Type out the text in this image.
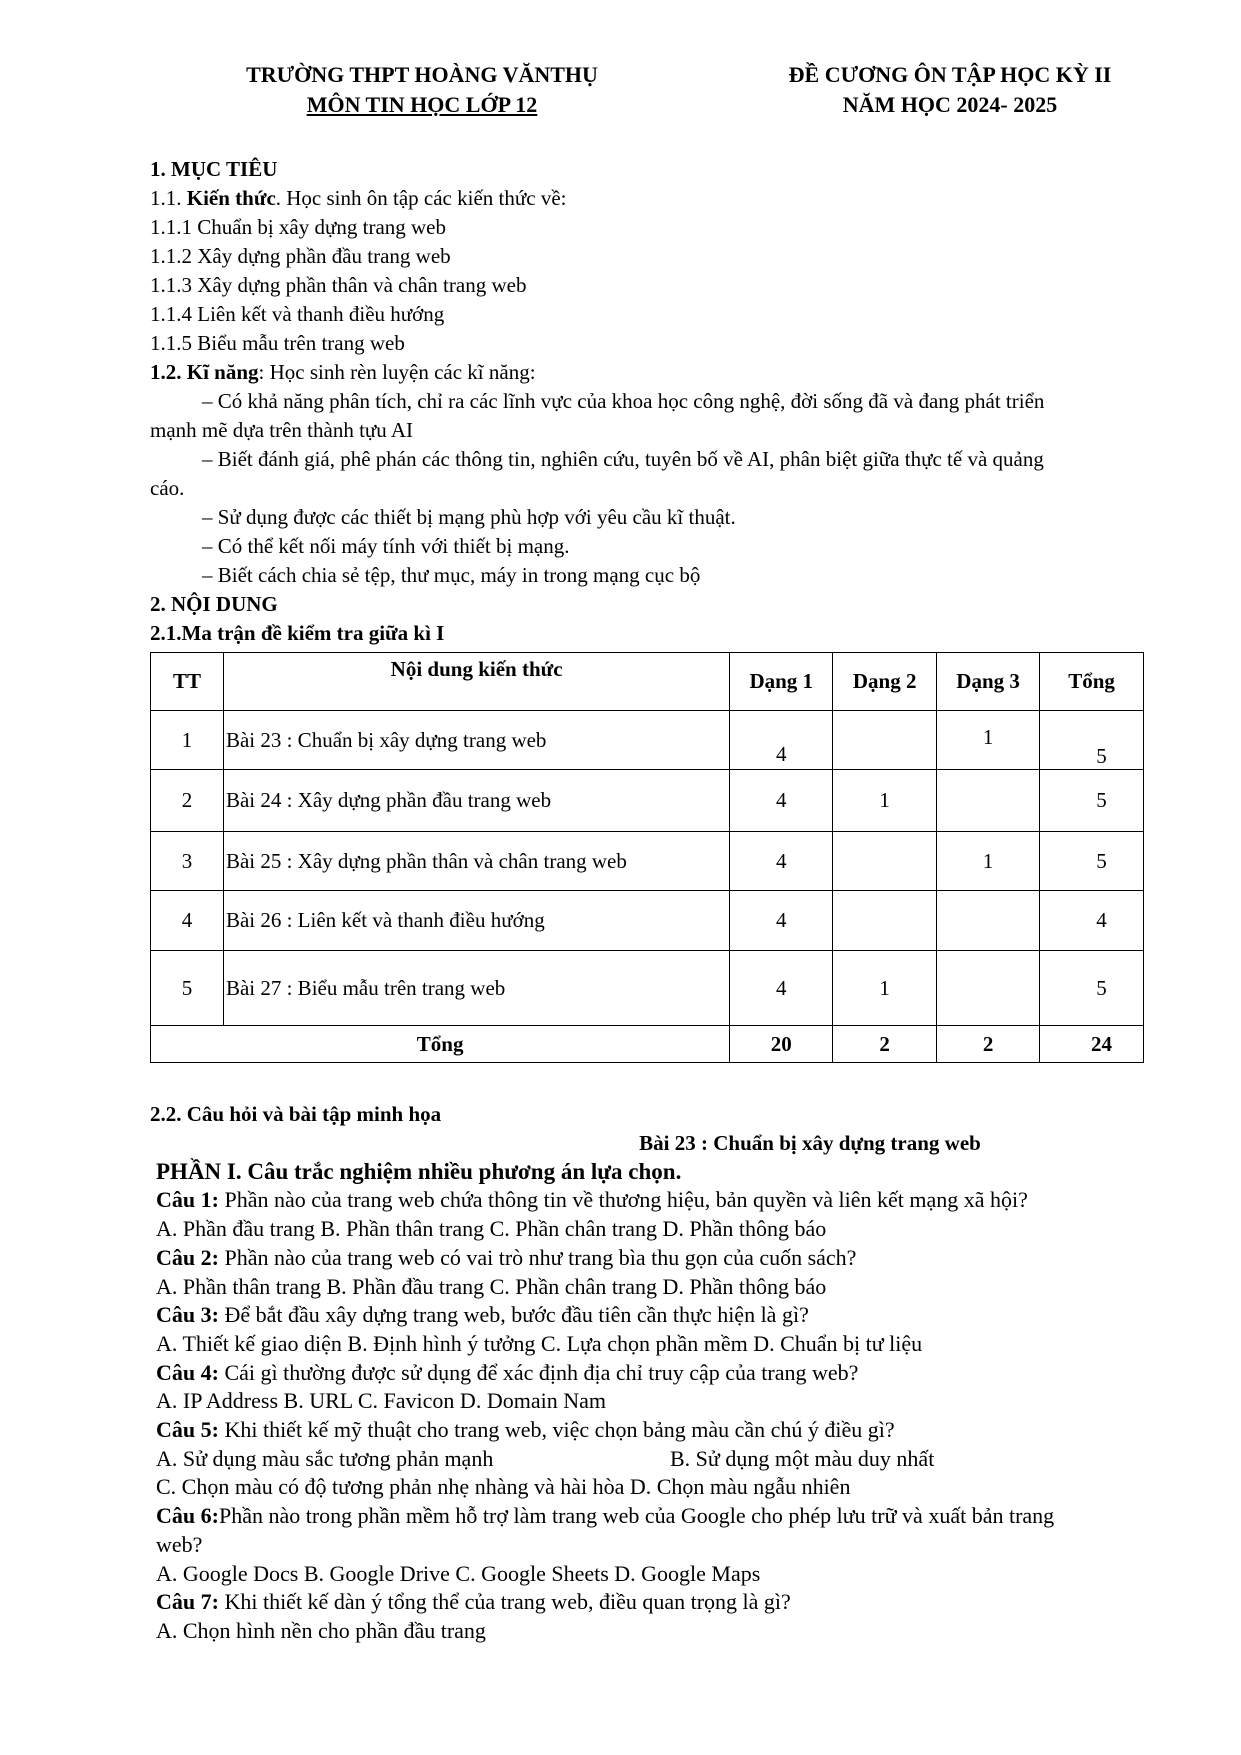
TRƯỜNG THPT HOÀNG VĂNTHỤ
MÔN TIN HỌC LỚP 12
ĐỀ CƯƠNG ÔN TẬP HỌC KỲ II
NĂM HỌC 2024- 2025
1. MỤC TIÊU
1.1. Kiến thức. Học sinh ôn tập các kiến thức về:
1.1.1 Chuẩn bị xây dựng trang web
1.1.2 Xây dựng phần đầu trang web
1.1.3 Xây dựng phần thân và chân trang web
1.1.4 Liên kết và thanh điều hướng
1.1.5 Biểu mẫu trên trang web
1.2. Kĩ năng: Học sinh rèn luyện các kĩ năng:
‒ Có khả năng phân tích, chỉ ra các lĩnh vực của khoa học công nghệ, đời sống đã và đang phát triển
mạnh mẽ dựa trên thành tựu AI
‒ Biết đánh giá, phê phán các thông tin, nghiên cứu, tuyên bố về AI, phân biệt giữa thực tế và quảng
cáo.
‒ Sử dụng được các thiết bị mạng phù hợp với yêu cầu kĩ thuật.
‒ Có thể kết nối máy tính với thiết bị mạng.
‒ Biết cách chia sẻ tệp, thư mục, máy in trong mạng cục bộ
2. NỘI DUNG
2.1.Ma trận đề kiểm tra giữa kì I
TT	Nội dung kiến thức	Dạng 1	Dạng 2	Dạng 3	Tổng
1	Bài 23 : Chuẩn bị xây dựng trang web	4		1	5
2	Bài 24 : Xây dựng phần đầu trang web	4	1		5
3	Bài 25 : Xây dựng phần thân và chân trang web	4		1	5
4	Bài 26 : Liên kết và thanh điều hướng	4			4
5	Bài 27 : Biểu mẫu trên trang web	4	1		5
Tổng		20	2	2	24
2.2. Câu hỏi và bài tập minh họa
Bài 23 : Chuẩn bị xây dựng trang web
PHẦN I. Câu trắc nghiệm nhiều phương án lựa chọn.
Câu 1: Phần nào của trang web chứa thông tin về thương hiệu, bản quyền và liên kết mạng xã hội?
A. Phần đầu trang B. Phần thân trang C. Phần chân trang D. Phần thông báo
Câu 2: Phần nào của trang web có vai trò như trang bìa thu gọn của cuốn sách?
A. Phần thân trang B. Phần đầu trang C. Phần chân trang D. Phần thông báo
Câu 3: Để bắt đầu xây dựng trang web, bước đầu tiên cần thực hiện là gì?
A. Thiết kế giao diện B. Định hình ý tưởng C. Lựa chọn phần mềm D. Chuẩn bị tư liệu
Câu 4: Cái gì thường được sử dụng để xác định địa chỉ truy cập của trang web?
A. IP Address B. URL C. Favicon D. Domain Nam
Câu 5: Khi thiết kế mỹ thuật cho trang web, việc chọn bảng màu cần chú ý điều gì?
A. Sử dụng màu sắc tương phản mạnh	B. Sử dụng một màu duy nhất
C. Chọn màu có độ tương phản nhẹ nhàng và hài hòa D. Chọn màu ngẫu nhiên
Câu 6:Phần nào trong phần mềm hỗ trợ làm trang web của Google cho phép lưu trữ và xuất bản trang
web?
A. Google Docs B. Google Drive C. Google Sheets D. Google Maps
Câu 7: Khi thiết kế dàn ý tổng thể của trang web, điều quan trọng là gì?
A. Chọn hình nền cho phần đầu trang
